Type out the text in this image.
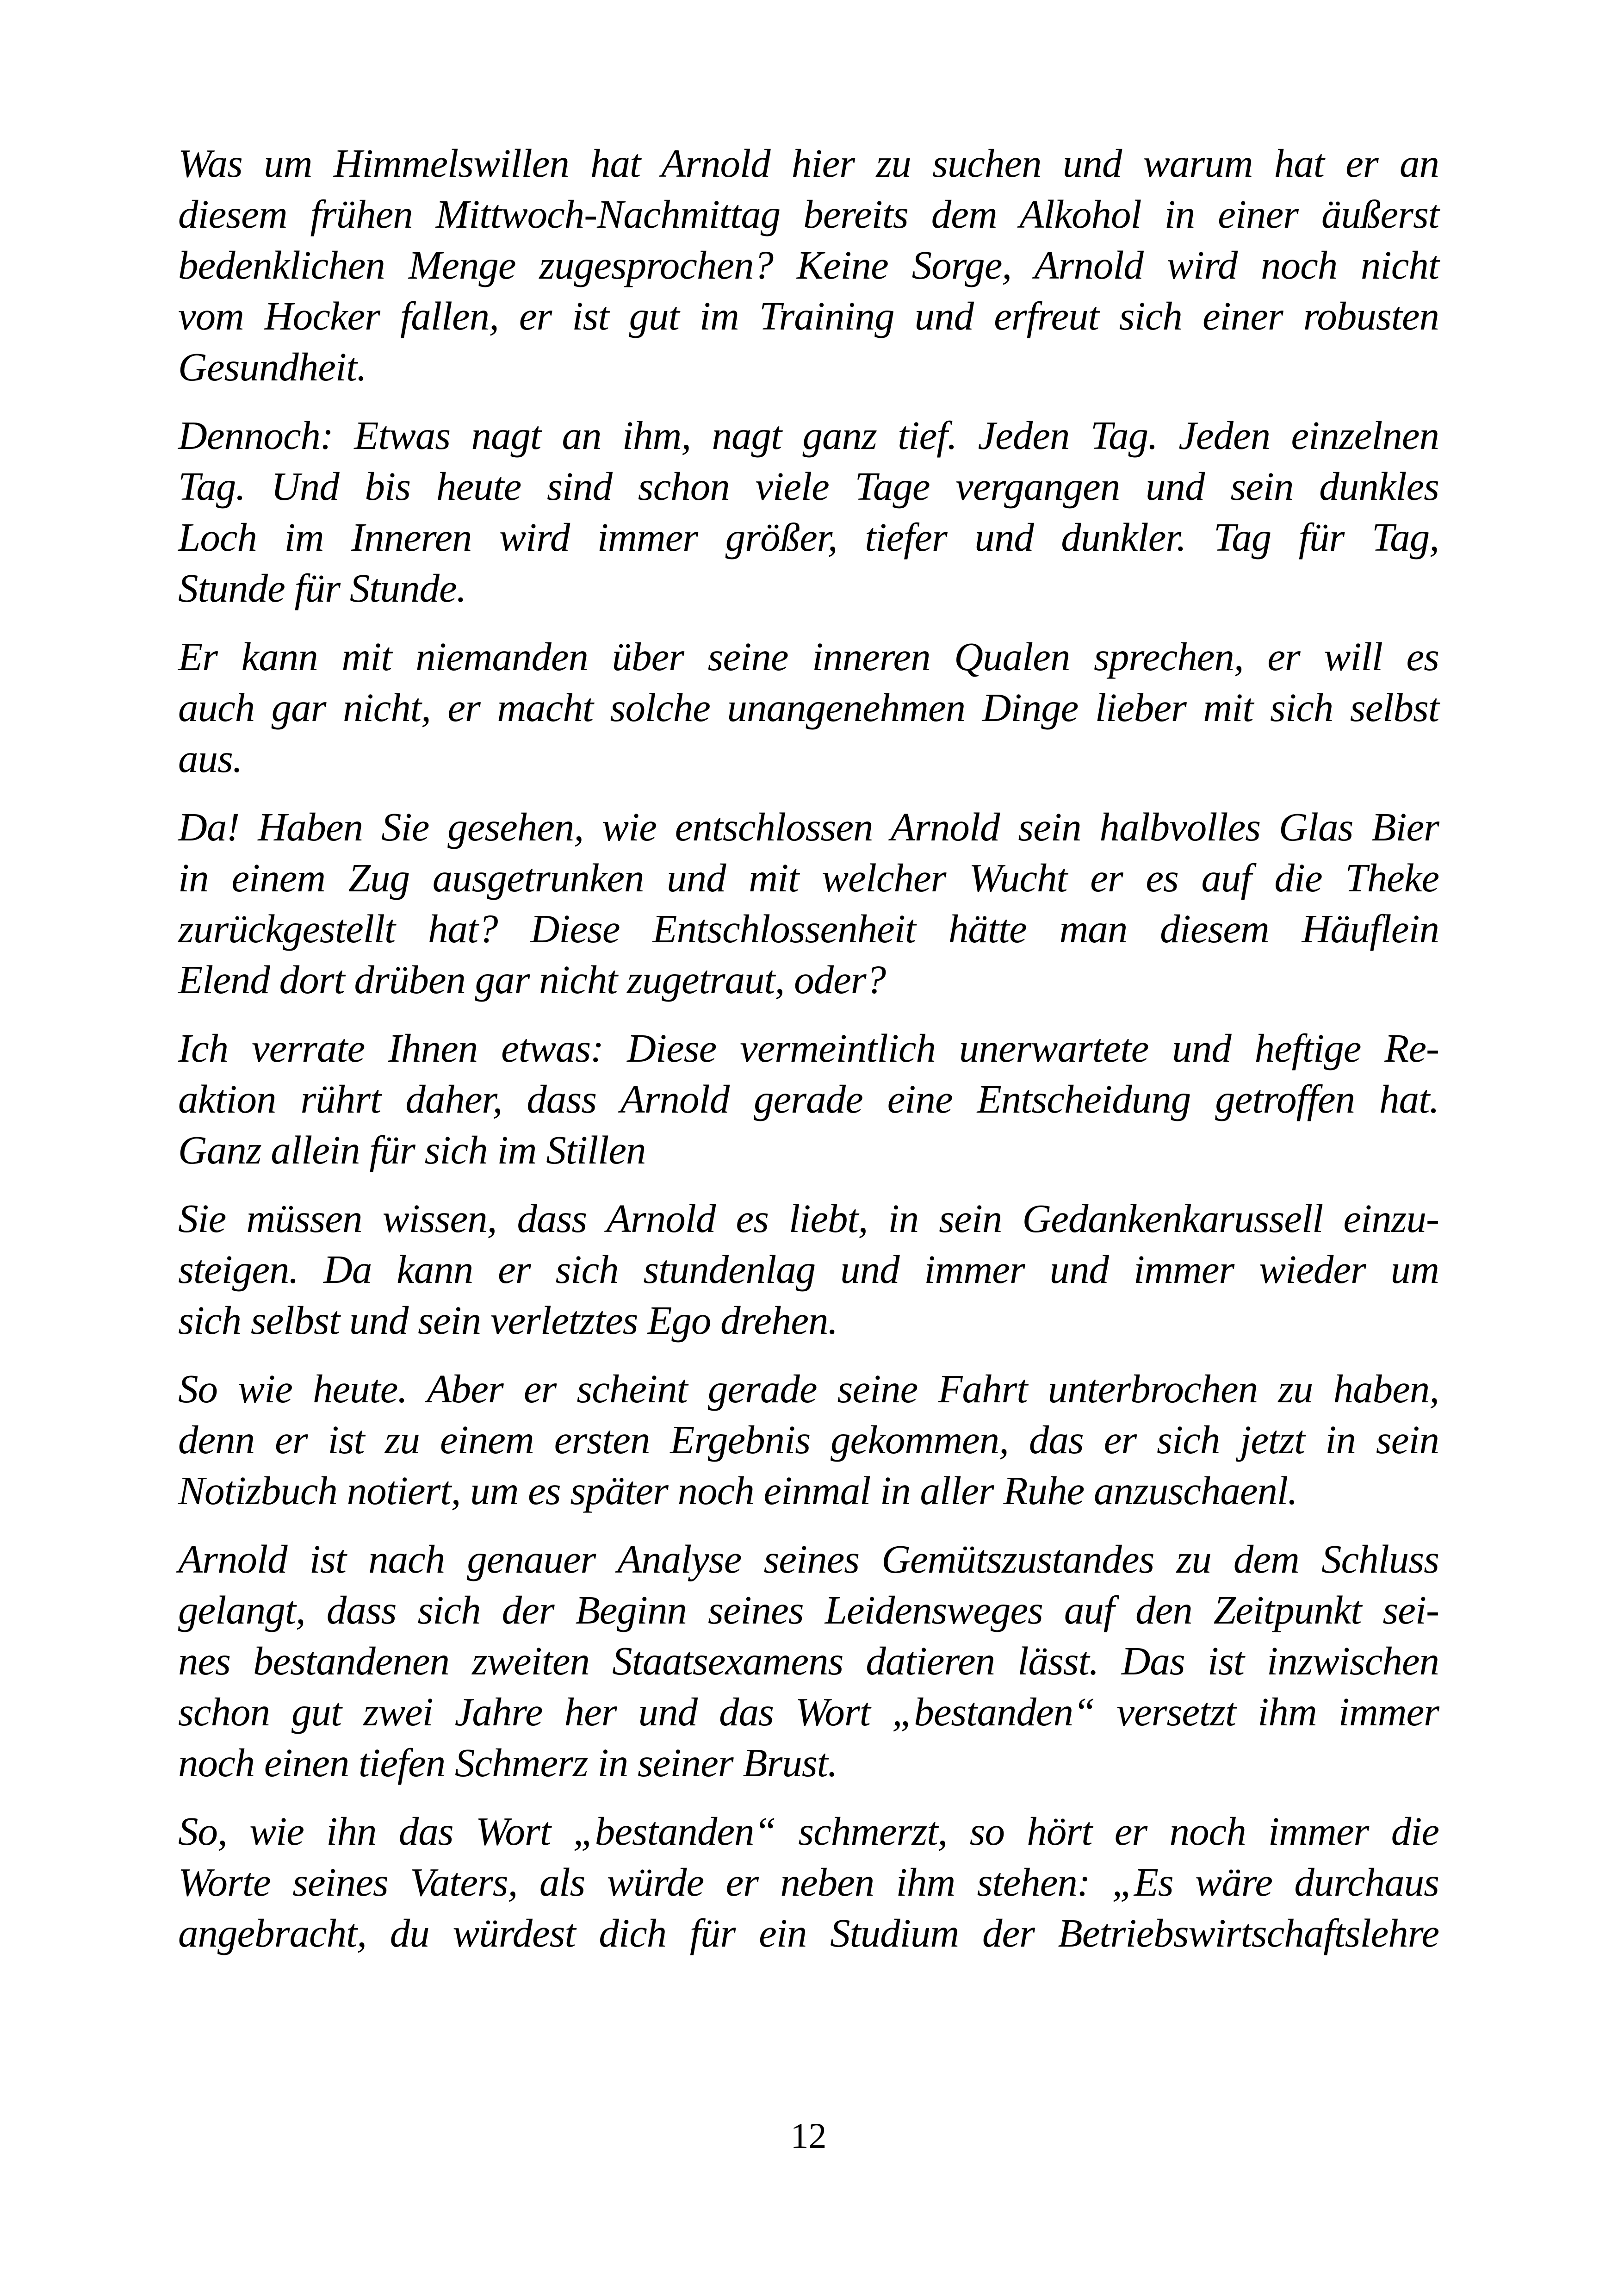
Was um Himmelswillen hat Arnold hier zu suchen und warum hat er an
diesem frühen Mittwoch-Nachmittag bereits dem Alkohol in einer äußerst
bedenklichen Menge zugesprochen? Keine Sorge, Arnold wird noch nicht
vom Hocker fallen, er ist gut im Training und erfreut sich einer robusten
Gesundheit.

Dennoch: Etwas nagt an ihm, nagt ganz tief. Jeden Tag. Jeden einzelnen
Tag. Und bis heute sind schon viele Tage vergangen und sein dunkles
Loch im Inneren wird immer größer, tiefer und dunkler. Tag für Tag,
Stunde für Stunde.

Er kann mit niemanden über seine inneren Qualen sprechen, er will es
auch gar nicht, er macht solche unangenehmen Dinge lieber mit sich selbst
aus.

Da! Haben Sie gesehen, wie entschlossen Arnold sein halbvolles Glas Bier
in einem Zug ausgetrunken und mit welcher Wucht er es auf die Theke
zurückgestellt hat? Diese Entschlossenheit hätte man diesem Häuflein
Elend dort drüben gar nicht zugetraut, oder?

Ich verrate Ihnen etwas: Diese vermeintlich unerwartete und heftige Re-
aktion rührt daher, dass Arnold gerade eine Entscheidung getroffen hat.
Ganz allein für sich im Stillen

Sie müssen wissen, dass Arnold es liebt, in sein Gedankenkarussell einzu-
steigen. Da kann er sich stundenlag und immer und immer wieder um
sich selbst und sein verletztes Ego drehen.

So wie heute. Aber er scheint gerade seine Fahrt unterbrochen zu haben,
denn er ist zu einem ersten Ergebnis gekommen, das er sich jetzt in sein
Notizbuch notiert, um es später noch einmal in aller Ruhe anzuschaenl.

Arnold ist nach genauer Analyse seines Gemütszustandes zu dem Schluss
gelangt, dass sich der Beginn seines Leidensweges auf den Zeitpunkt sei-
nes bestandenen zweiten Staatsexamens datieren lässt. Das ist inzwischen
schon gut zwei Jahre her und das Wort „bestanden“ versetzt ihm immer
noch einen tiefen Schmerz in seiner Brust.

So, wie ihn das Wort „bestanden“ schmerzt, so hört er noch immer die
Worte seines Vaters, als würde er neben ihm stehen: „Es wäre durchaus
angebracht, du würdest dich für ein Studium der Betriebswirtschaftslehre

12
